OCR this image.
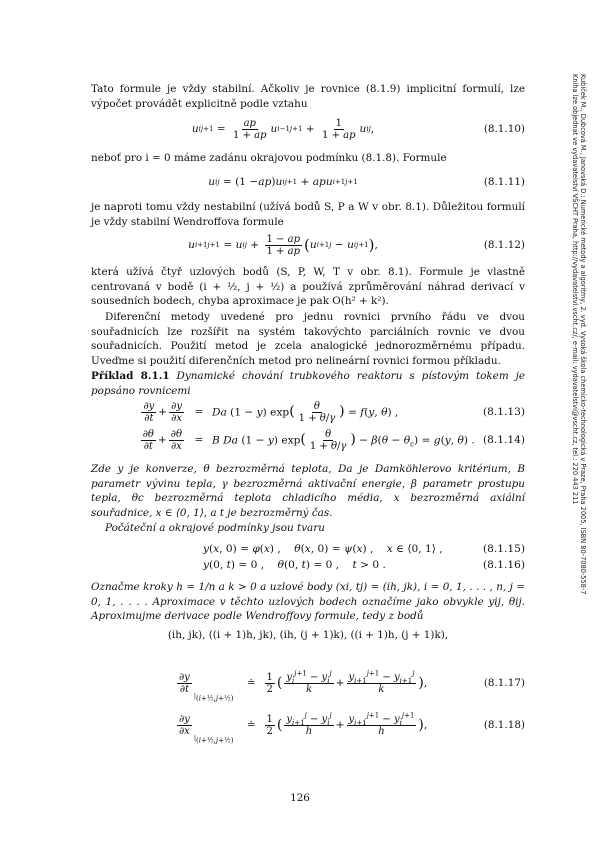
Tato formule je vždy stabilní. Ačkoliv je rovnice (8.1.9) implicitní formulí, lze výpočet provádět explicitně podle vztahu

u i $j+1 = \frac{ap}{1 + ap}$ u i−1 $j+1 + \frac{1}{1 + ap}$ u i j ,	(8.1.10)

neboť pro i = 0 máme zadánu okrajovou podmínku (8.1.8). Formule

u i j = (1 − ap ) u i j+1 + apu i+1 j+1	(8.1.11)

je naproti tomu vždy nestabilní (užívá bodů S, P a W v obr. 8.1). Důležitou formulí je vždy stabilní Wendroffova formule

u i+1 j+1 = u i $j + \frac{1 - ap}{1 + ap}$ ( u i+1 j − u i j+1 ) ,	(8.1.12)

která užívá čtyř uzlových bodů (S, P, W, T v obr. 8.1). Formule je vlastně centrovaná v bodě (i + ½, j + ½) a používá zprůměrování náhrad derivací v sousedních bodech, chyba aproximace je pak O(h² + k²).

Diferenční metody uvedené pro jednu rovnici prvního řádu ve dvou souřadnicích lze rozšířit na systém takovýchto parciálních rovnic ve dvou souřadnicích. Použití metod je zcela analogické jednorozměrnému případu. Uveďme si použití diferenčních metod pro nelineární rovnici formou příkladu.

Příklad 8.1.1 Dynamické chování trubkového reaktoru s pístovým tokem je popsáno rovnicemi

$\frac{\partial y}{\partial t} + \frac{\partial y}{\partial x} = Da$ (1 − y) $\exp( \frac{\theta}{1 + \theta/\gamma}$ ) = f(y, θ) ,	(8.1.13)
$\frac{\partial\theta}{\partial t} + \frac{\partial\theta}{\partial x} = B$ Da (1 − y) $\exp( \frac{\theta}{1 + \theta/\gamma}$ ) − $\beta(\theta - \theta_c) = g(y$, θ) . (8.1.14)

Zde y je konverze, θ bezrozměrná teplota, Da je Damköhlerovo kritérium, B parametr vývinu tepla, γ bezrozměrná aktivační energie, β parametr prostupu tepla, θc bezrozměrná teplota chladicího média, x bezrozměrná axiální souřadnice, x ∈ ⟨0, 1⟩, a t je bezrozměrný čas.

Počáteční a okrajové podmínky jsou tvaru

y(x, 0) = φ(x) ,    θ(x, 0) = ψ(x) ,    x ∈ ⟨0, 1⟩ ,	(8.1.15)
y(0, t) = 0 ,    θ(0, t) = 0 ,    t > 0 .	(8.1.16)

Označme kroky h = 1/n a k > 0 a uzlové body (xi, tj) = (ih, jk), i = 0, 1, . . . , n, j = 0, 1, . . . . Aproximace v těchto uzlových bodech označíme jako obvykle yij, θij. Aproximujme derivace podle Wendroffovy formule, tedy z bodů

(ih, jk), ((i + 1)h, jk), (ih, (j + 1)k), ((i + 1)h, (j + 1)k),

$\frac{\partial y}{\partial t}$
$|_{(i+\frac{1}{2},j+\frac{1}{2})}$
≐ $\frac{1}{2}$ ( $\frac{y_i^{j+1} - y_i^j}{k} + \frac{y_{i+1}^{j+1} - y_{i+1}^j}{k}$ ) ,	(8.1.17)
$\frac{\partial y}{\partial x}$
$|_{(i+\frac{1}{2},j+\frac{1}{2})}$
≐ $\frac{1}{2}$ ( $\frac{y_{i+1}^j - y_i^j}{h} + \frac{y_{i+1}^{j+1} - y_i^{j+1}}{h}$ ) ,	(8.1.18)
126
Kubíček M., Dubcová M., Janovská D.: Numerické metody a algoritmy, 2. vyd. Vysoká škola chemicko-technologická v Praze, Praha 2005, ISBN 80-7080-558-7
Kniha lze objednat ve vydavatelství VŠCHT Praha, http://vydavatelstvi.vscht.cz/, e-mail: vydavatelstvi@vscht.cz, tel.: 220 443 211
